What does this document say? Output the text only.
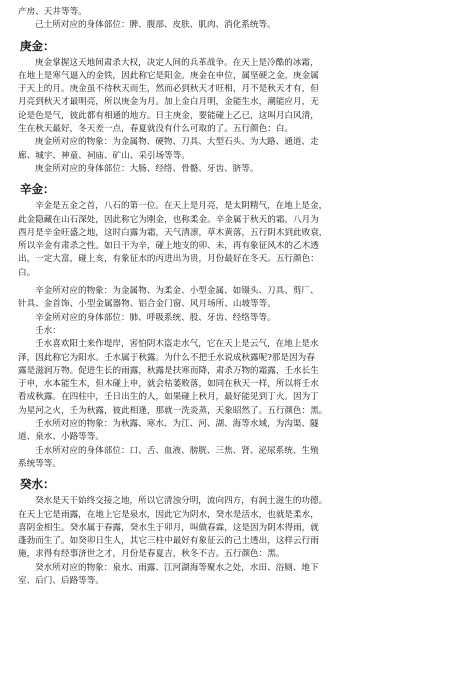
产房、天井等等。
己土所对应的身体部位：脾、腹部、皮肤、肌肉、消化系统等。
庚金：
庚金掌握这天地间肃杀大权，决定人间的兵革战争。在天上是冷酷的冰霜，
在地上是寒气逼入的金铁，因此称它是阳金。庚金在申位，属坚硬之金。庚金属
于天上的月。庚金虽不待秋天而生，然而必到秋天才旺相，月不是秋天才有，但
月亮到秋天才最明亮，所以庚金为月。加上金白月明，金能生水，潮能应月，无
论是色是气，彼此都有相通的地方。日主庚金，要能碰上乙已，这叫月白风清，
生在秋天最好，冬天差一点，春夏就没有什么可取的了。五行颜色：白。
庚金所对应的物象：为金属物、硬物、刀具、大型石头、为大路、通道、走
廊、城宇、神童、祠庙、矿山、采引场等等。
庚金所对应的身体部位：大肠、经络、骨骼、牙齿、脐等。
辛金：
辛金是五金之首，八石的第一位。在天上是月亮，是太阴精气，在地上是金，
此金隐藏在山石深处，因此称它为刚金，也称柔金。辛金属于秋天的霜。八月为
酉月是辛金旺盛之地，这时白露为霜，天气清凛，草木黄落，五行阴木到此败衰，
所以辛金有肃杀之性。如日干为辛，碰上地支的卯、未，再有象征风木的乙木透
出，一定大富，碰上亥，有象征水的丙进出为贵，月份最好在冬天。五行颜色：
白。
辛金所对应的物象：为金属物、为柔金、小型金属、如镊头、刀具、剪厂、
针具、金首饰、小型金属器物、铝合金门窗、风月场所、山坡等等。
辛金所对应的身体部位：肺、呼吸系统、股、牙齿、经络等等。
壬水：
壬水喜欢阳土来作堤岸，害怕阴木盗走水气，它在天上是云气，在地上是水
泽，因此称它为阳水。壬水属于秋露。为什么不把壬水说成秋露呢?那是因为春
露是滋润万物。促进生长的雨露，秋露是扶寒而降，肃杀万物的霜露，壬水长生
于申，水本能生木，但木碰上申，就会枯萎败落，如同在秋天一样，所以将壬水
看成秋露。在四柱中，壬日出生的人，如果碰上秋月，最好能见到丁火。因为丁
为星河之火，壬为秋露，彼此相逢，那就一洗炎蒸，天象昭然了。五行颜色：黑。
壬水所对应的物象：为秋露、寒水、为江、河、湖、海等水域，为沟渠、隧
道、泉水、小路等等。
壬水所对应的身体部位：口、舌、血液、膀胱、三焦、肾、泌尿系统、生殖
系统等等。
癸水：
癸水是天干始终交接之地，所以它清浊分明，流向四方，有润土滋生的功德。
在天上它是雨露，在地上它是泉水，因此它为阴水，癸水是活水，也就是柔水，
喜阴金相生。癸水属于春露，癸水生于卯月，叫做春霖，这是因为阴木得雨，就
蓬勃而生了。如癸卯日生人，其它三柱中最好有象征云的己土透出，这样云行雨
施，求得有经事济世之才，月份是春夏吉，秋冬不吉。五行颜色：黑。
癸水所对应的物象：泉水、雨露、江河湖海等聚水之处，水田、浴厕、地下
室、后门、后路等等。
